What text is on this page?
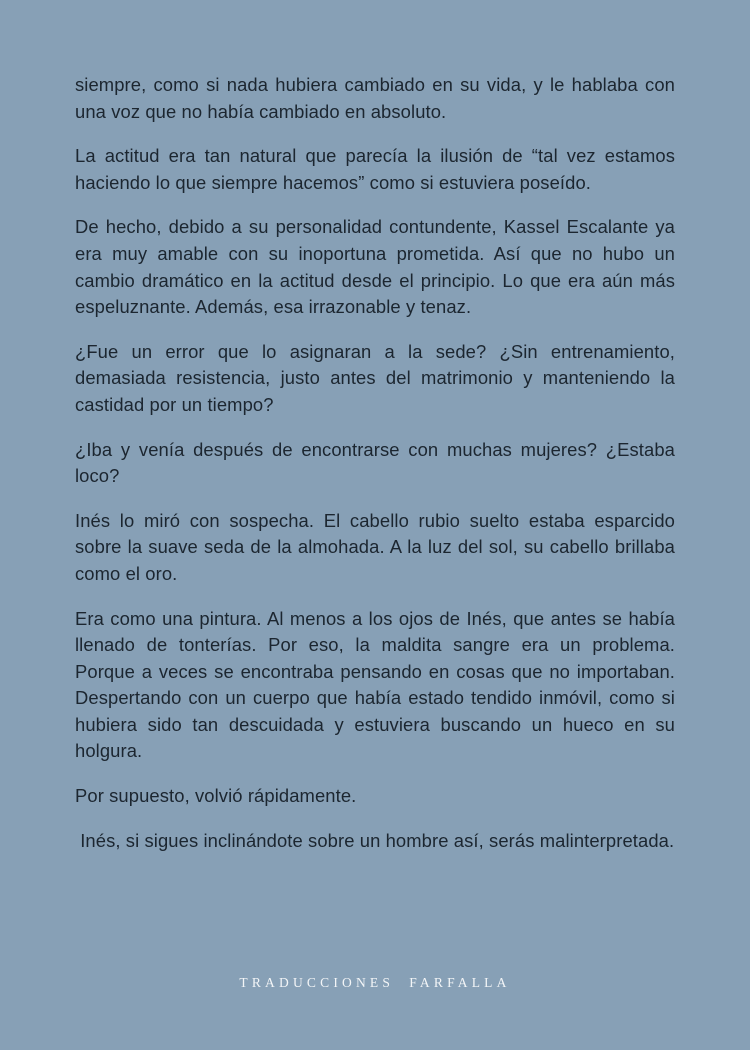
siempre, como si nada hubiera cambiado en su vida, y le hablaba con una voz que no había cambiado en absoluto.

La actitud era tan natural que parecía la ilusión de “tal vez estamos haciendo lo que siempre hacemos” como si estuviera poseído.

De hecho, debido a su personalidad contundente, Kassel Escalante ya era muy amable con su inoportuna prometida. Así que no hubo un cambio dramático en la actitud desde el principio. Lo que era aún más espeluznante. Además, esa irrazonable y tenaz.

¿Fue un error que lo asignaran a la sede? ¿Sin entrenamiento, demasiada resistencia, justo antes del matrimonio y manteniendo la castidad por un tiempo?

¿Iba y venía después de encontrarse con muchas mujeres? ¿Estaba loco?

Inés lo miró con sospecha. El cabello rubio suelto estaba esparcido sobre la suave seda de la almohada. A la luz del sol, su cabello brillaba como el oro.

Era como una pintura. Al menos a los ojos de Inés, que antes se había llenado de tonterías. Por eso, la maldita sangre era un problema. Porque a veces se encontraba pensando en cosas que no importaban. Despertando con un cuerpo que había estado tendido inmóvil, como si hubiera sido tan descuidada y estuviera buscando un hueco en su holgura.

Por supuesto, volvió rápidamente.

Inés, si sigues inclinándote sobre un hombre así, serás malinterpretada.

TRADUCCIONES  FARFALLA
